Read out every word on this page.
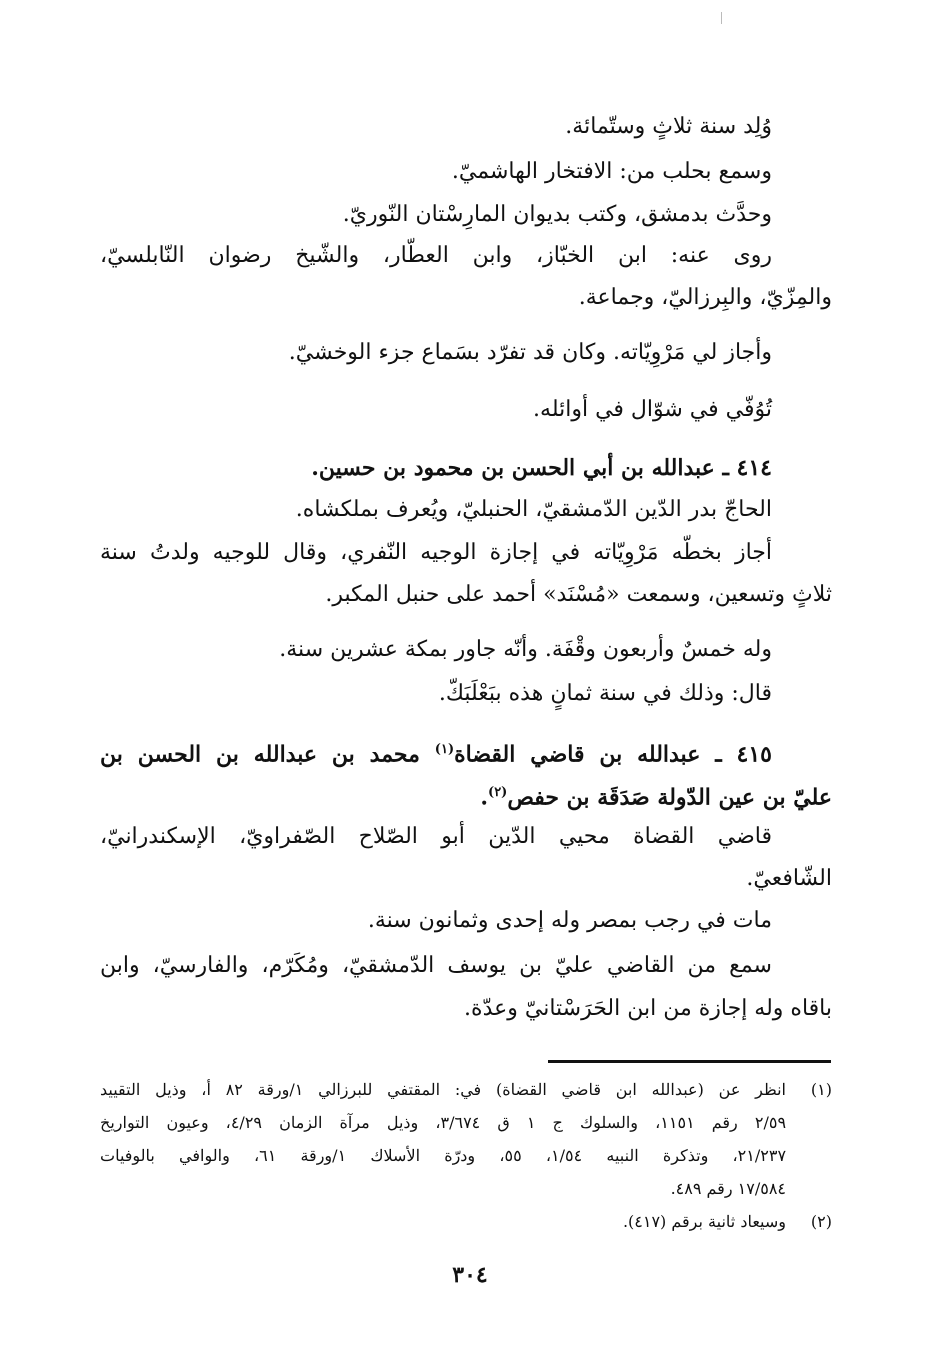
وُلِد سنة ثلاثٍ وستّمائة.
وسمع بحلب من: الافتخار الهاشميّ.
وحدَّث بدمشق، وكتب بديوان المارِسْتان النّوريّ.
روى عنه: ابن الخبّاز، وابن العطّار، والشّيخ رضوان النّابلسيّ،
والمِزّيّ، والبِرزاليّ، وجماعة.
وأجاز لي مَرْوِيّاته. وكان قد تفرّد بسَماع جزء الوخشيّ.
تُوُفّي في شوّال في أوائله.
٤١٤ ـ عبدالله بن أبي الحسن بن محمود بن حسين.
الحاجّ بدر الدّين الدّمشقيّ، الحنبليّ، ويُعرف بملكشاه.
أجاز بخطّه مَرْوِيّاته في إجازة الوجيه النّفري، وقال للوجيه ولدتُ سنة
ثلاثٍ وتسعين، وسمعت «مُسْنَد» أحمد على حنبل المكبر.
وله خمسٌ وأربعون وقْفَة. وأنّه جاور بمكة عشرين سنة.
قال: وذلك في سنة ثمانٍ هذه ببَعْلَبَكّ.
٤١٥ ـ عبدالله بن قاضي القضاة$^{(١)}$ محمد بن عبدالله بن الحسن بن
عليّ بن عين الدّولة صَدَقَة بن حفص$^{(٢)}$.
قاضي القضاة محيي الدّين أبو الصّلاح الصّفراويّ، الإسكندرانيّ،
الشّافعيّ.
مات في رجب بمصر وله إحدى وثمانون سنة.
سمع من القاضي عليّ بن يوسف الدّمشقيّ، ومُكَرّم، والفارسيّ، وابن
باقاه وله إجازة من ابن الحَرَسْتانيّ وعدّة.
(١)
انظر عن (عبدالله ابن قاضي القضاة) في: المقتفي للبرزالي ١/ورقة ٨٢ أ، وذيل التقييد
٢/٥٩ رقم ١١٥١، والسلوك ج ١ ق ٣/٦٧٤، وذيل مرآة الزمان ٤/٢٩، وعيون التواريخ
٢١/٢٣٧، وتذكرة النبيه ١/٥٤، ٥٥، ودرّة الأسلاك ١/ورقة ٦١، والوافي بالوفيات
١٧/٥٨٤ رقم ٤٨٩.
(٢)
وسيعاد ثانية برقم (٤١٧).
٣٠٤
